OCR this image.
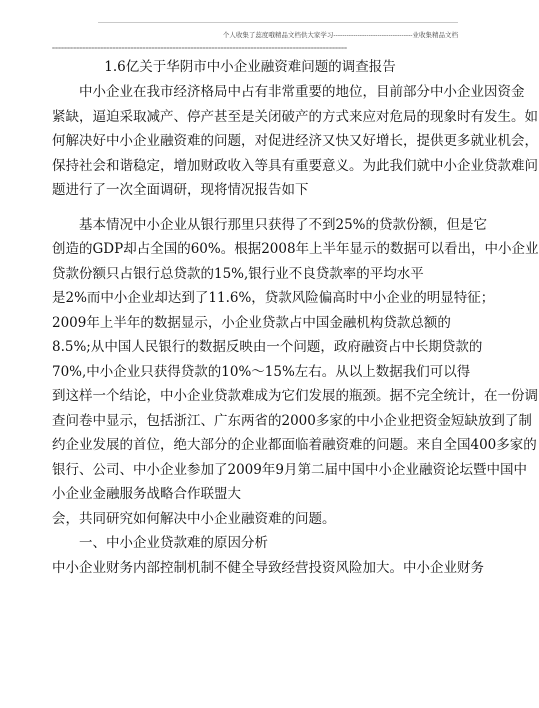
个人收集了蕊度哦精品文档供大家学习------------------------------------业收集精品文档
==================================================================================================
1.6亿关于华阴市中小企业融资难问题的调查报告
中小企业在我市经济格局中占有非常重要的地位，目前部分中小企业因资金
紧缺，逼迫采取减产、停产甚至是关闭破产的方式来应对危局的现象时有发生。如
何解决好中小企业融资难的问题，对促进经济又快又好增长，提供更多就业机会，
保持社会和谐稳定，增加财政收入等具有重要意义。为此我们就中小企业贷款难问
题进行了一次全面调研，现将情况报告如下
基本情况中小企业从银行那里只获得了不到25%的贷款份额，但是它
创造的GDP却占全国的60%。根据2008年上半年显示的数据可以看出，中小企业
贷款份额只占银行总贷款的15%,银行业不良贷款率的平均水平
是2%而中小企业却达到了11.6%，贷款风险偏高时中小企业的明显特征；
2009年上半年的数据显示，小企业贷款占中国金融机构贷款总额的
8.5%;从中国人民银行的数据反映由一个问题，政府融资占中长期贷款的
70%,中小企业只获得贷款的10%～15%左右。从以上数据我们可以得
到这样一个结论，中小企业贷款难成为它们发展的瓶颈。据不完全统计，在一份调
查问卷中显示，包括浙江、广东两省的2000多家的中小企业把资金短缺放到了制
约企业发展的首位，绝大部分的企业都面临着融资难的问题。来自全国400多家的
银行、公司、中小企业参加了2009年9月第二届中国中小企业融资论坛暨中国中
小企业金融服务战略合作联盟大
会，共同研究如何解决中小企业融资难的问题。
一、中小企业贷款难的原因分析
中小企业财务内部控制机制不健全导致经营投资风险加大。中小企业财务
